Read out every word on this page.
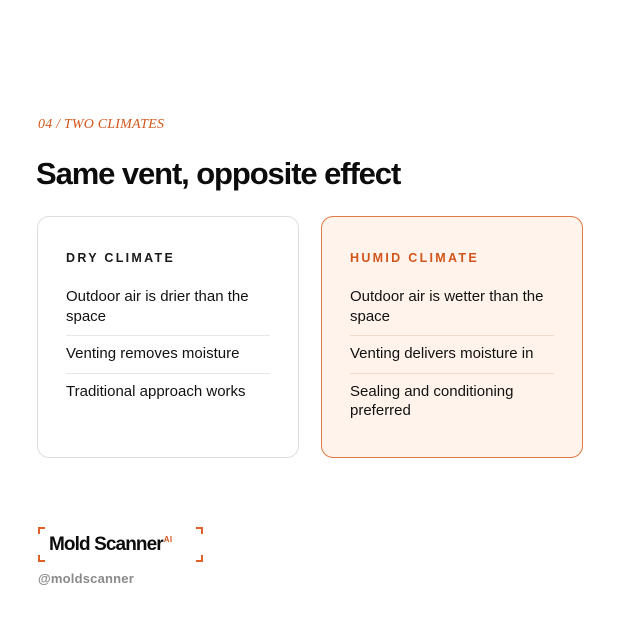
04 / TWO CLIMATES
Same vent, opposite effect
DRY CLIMATE
Outdoor air is drier than the space
Venting removes moisture
Traditional approach works
HUMID CLIMATE
Outdoor air is wetter than the space
Venting delivers moisture in
Sealing and conditioning preferred
Mold Scanner$^{AI}$
@moldscanner
